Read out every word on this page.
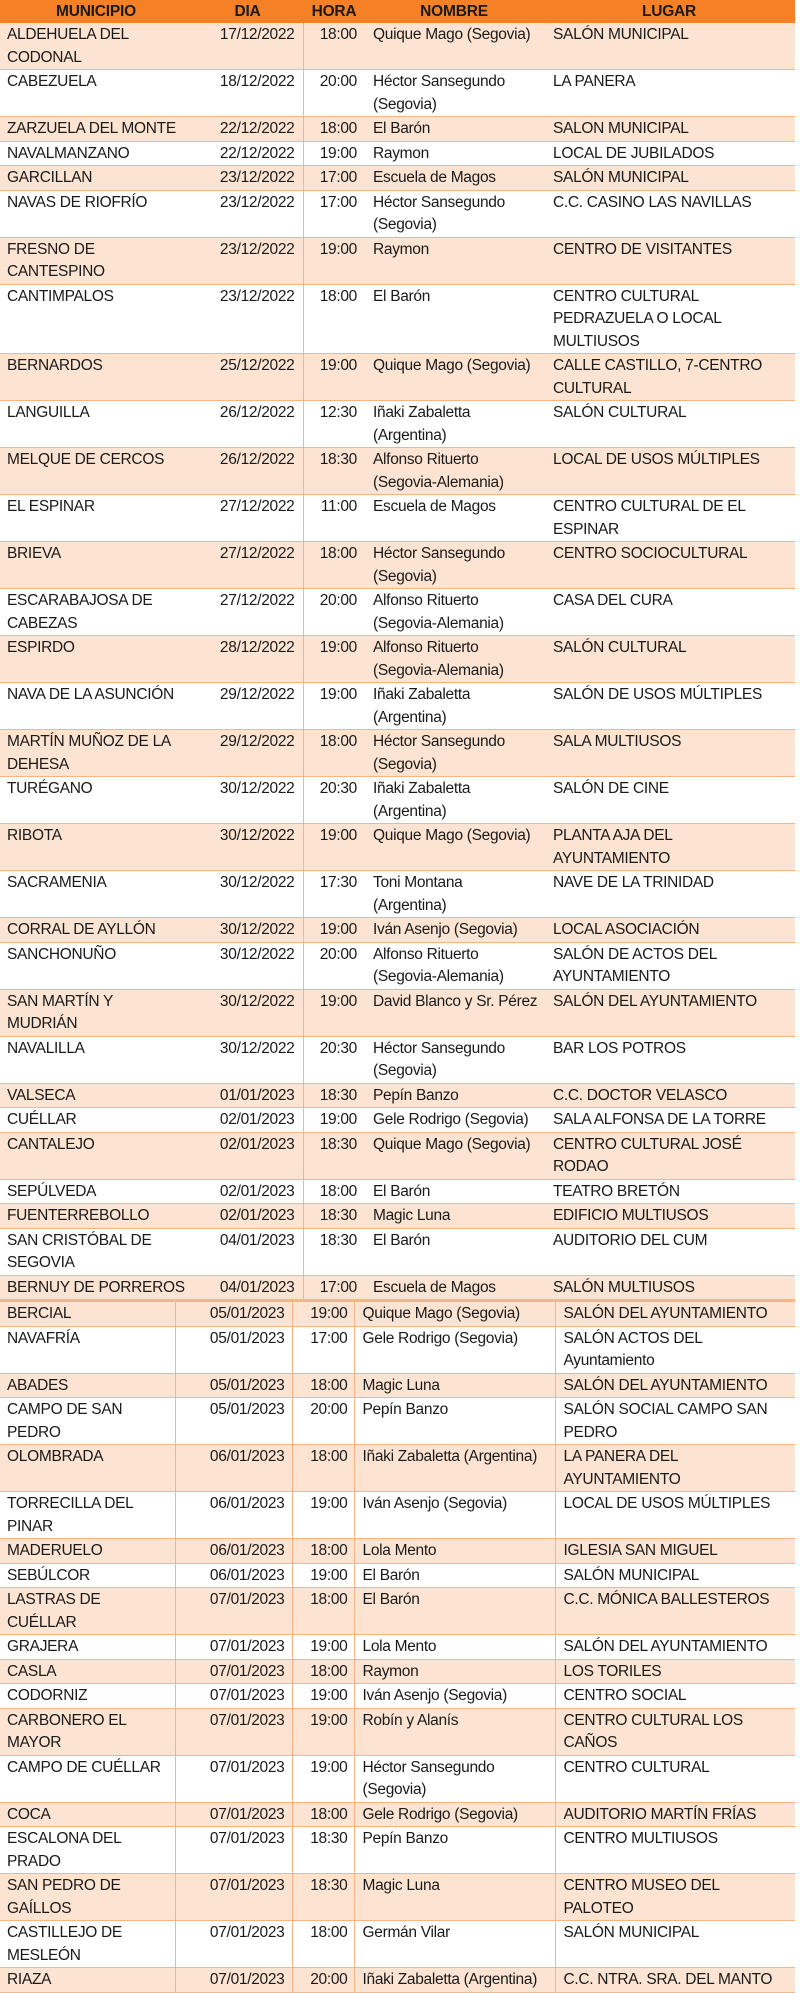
MUNICIPIO	DIA	HORA	NOMBRE	LUGAR
ALDEHUELA DEL CODONAL	17/12/2022	18:00	Quique Mago (Segovia)	SALÓN MUNICIPAL
CABEZUELA	18/12/2022	20:00	Héctor Sansegundo (Segovia)	LA PANERA
ZARZUELA DEL MONTE	22/12/2022	18:00	El Barón	SALON MUNICIPAL
NAVALMANZANO	22/12/2022	19:00	Raymon	LOCAL DE JUBILADOS
GARCILLAN	23/12/2022	17:00	Escuela de Magos	SALÓN MUNICIPAL
NAVAS DE RIOFRÍO	23/12/2022	17:00	Héctor Sansegundo (Segovia)	C.C. CASINO LAS NAVILLAS
FRESNO DE CANTESPINO	23/12/2022	19:00	Raymon	CENTRO DE VISITANTES
CANTIMPALOS	23/12/2022	18:00	El Barón	CENTRO CULTURAL PEDRAZUELA O LOCAL MULTIUSOS
BERNARDOS	25/12/2022	19:00	Quique Mago (Segovia)	CALLE CASTILLO, 7-CENTRO CULTURAL
LANGUILLA	26/12/2022	12:30	Iñaki Zabaletta (Argentina)	SALÓN CULTURAL
MELQUE DE CERCOS	26/12/2022	18:30	Alfonso Rituerto (Segovia-Alemania)	LOCAL DE USOS MÚLTIPLES
EL ESPINAR	27/12/2022	11:00	Escuela de Magos	CENTRO CULTURAL DE EL ESPINAR
BRIEVA	27/12/2022	18:00	Héctor Sansegundo (Segovia)	CENTRO SOCIOCULTURAL
ESCARABAJOSA DE CABEZAS	27/12/2022	20:00	Alfonso Rituerto (Segovia-Alemania)	CASA DEL CURA
ESPIRDO	28/12/2022	19:00	Alfonso Rituerto (Segovia-Alemania)	SALÓN CULTURAL
NAVA DE LA ASUNCIÓN	29/12/2022	19:00	Iñaki Zabaletta (Argentina)	SALÓN DE USOS MÚLTIPLES
MARTÍN MUÑOZ DE LA DEHESA	29/12/2022	18:00	Héctor Sansegundo (Segovia)	SALA MULTIUSOS
TURÉGANO	30/12/2022	20:30	Iñaki Zabaletta (Argentina)	SALÓN DE CINE
RIBOTA	30/12/2022	19:00	Quique Mago (Segovia)	PLANTA AJA DEL AYUNTAMIENTO
SACRAMENIA	30/12/2022	17:30	Toni Montana (Argentina)	NAVE DE LA TRINIDAD
CORRAL DE AYLLÓN	30/12/2022	19:00	Iván Asenjo (Segovia)	LOCAL ASOCIACIÓN
SANCHONUÑO	30/12/2022	20:00	Alfonso Rituerto (Segovia-Alemania)	SALÓN DE ACTOS DEL AYUNTAMIENTO
SAN MARTÍN Y MUDRIÁN	30/12/2022	19:00	David Blanco y Sr. Pérez	SALÓN DEL AYUNTAMIENTO
NAVALILLA	30/12/2022	20:30	Héctor Sansegundo (Segovia)	BAR LOS POTROS
VALSECA	01/01/2023	18:30	Pepín Banzo	C.C. DOCTOR VELASCO
CUÉLLAR	02/01/2023	19:00	Gele Rodrigo (Segovia)	SALA ALFONSA DE LA TORRE
CANTALEJO	02/01/2023	18:30	Quique Mago (Segovia)	CENTRO CULTURAL JOSÉ RODAO
SEPÚLVEDA	02/01/2023	18:00	El Barón	TEATRO BRETÓN
FUENTERREBOLLO	02/01/2023	18:30	Magic Luna	EDIFICIO MULTIUSOS
SAN CRISTÓBAL DE SEGOVIA	04/01/2023	18:30	El Barón	AUDITORIO DEL CUM
BERNUY DE PORREROS	04/01/2023	17:00	Escuela de Magos	SALÓN MULTIUSOS
BERCIAL	05/01/2023	19:00	Quique Mago (Segovia)	SALÓN DEL AYUNTAMIENTO
NAVAFRÍA	05/01/2023	17:00	Gele Rodrigo (Segovia)	SALÓN ACTOS DEL Ayuntamiento
ABADES	05/01/2023	18:00	Magic Luna	SALÓN DEL AYUNTAMIENTO
CAMPO DE SAN PEDRO	05/01/2023	20:00	Pepín Banzo	SALÓN SOCIAL CAMPO SAN PEDRO
OLOMBRADA	06/01/2023	18:00	Iñaki Zabaletta (Argentina)	LA PANERA DEL AYUNTAMIENTO
TORRECILLA DEL PINAR	06/01/2023	19:00	Iván Asenjo (Segovia)	LOCAL DE USOS MÚLTIPLES
MADERUELO	06/01/2023	18:00	Lola Mento	IGLESIA SAN MIGUEL
SEBÚLCOR	06/01/2023	19:00	El Barón	SALÓN MUNICIPAL
LASTRAS DE CUÉLLAR	07/01/2023	18:00	El Barón	C.C. MÓNICA BALLESTEROS
GRAJERA	07/01/2023	19:00	Lola Mento	SALÓN DEL AYUNTAMIENTO
CASLA	07/01/2023	18:00	Raymon	LOS TORILES
CODORNIZ	07/01/2023	19:00	Iván Asenjo (Segovia)	CENTRO SOCIAL
CARBONERO EL MAYOR	07/01/2023	19:00	Robín y Alanís	CENTRO CULTURAL LOS CAÑOS
CAMPO DE CUÉLLAR	07/01/2023	19:00	Héctor Sansegundo (Segovia)	CENTRO CULTURAL
COCA	07/01/2023	18:00	Gele Rodrigo (Segovia)	AUDITORIO MARTÍN FRÍAS
ESCALONA DEL PRADO	07/01/2023	18:30	Pepín Banzo	CENTRO MULTIUSOS
SAN PEDRO DE GAÍLLOS	07/01/2023	18:30	Magic Luna	CENTRO MUSEO DEL PALOTEO
CASTILLEJO DE MESLEÓN	07/01/2023	18:00	Germán Vilar	SALÓN MUNICIPAL
RIAZA	07/01/2023	20:00	Iñaki Zabaletta (Argentina)	C.C. NTRA. SRA. DEL MANTO
